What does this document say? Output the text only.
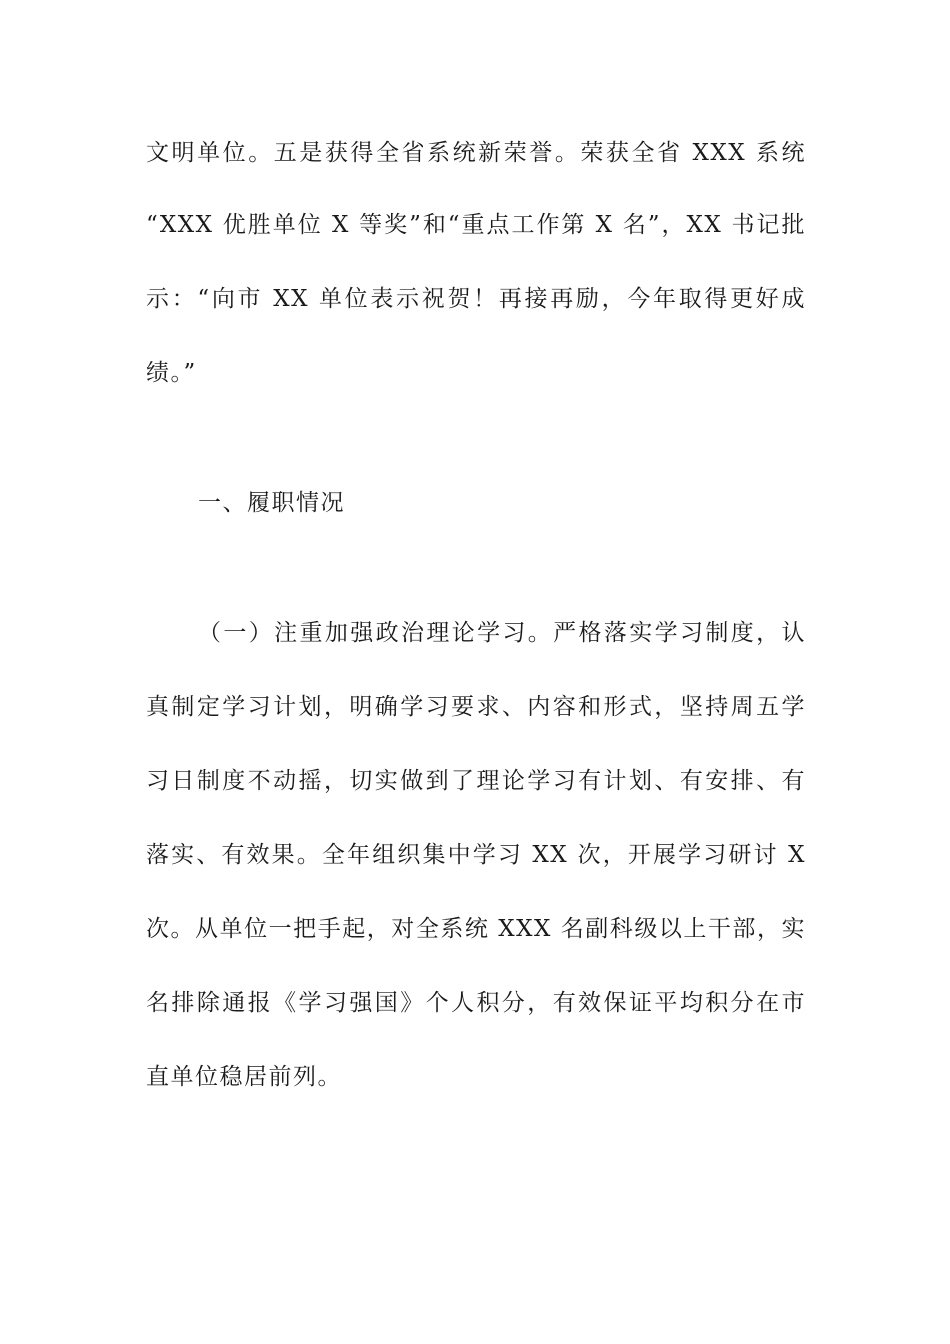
文明单位。五是获得全省系统新荣誉。荣获全省 XXX 系统
“XXX 优胜单位 X 等奖”和“重点工作第 X 名”，XX 书记批
示：“向市 XX 单位表示祝贺！再接再励，今年取得更好成
绩。”
一、履职情况
（一）注重加强政治理论学习。严格落实学习制度，认
真制定学习计划，明确学习要求、内容和形式，坚持周五学
习日制度不动摇，切实做到了理论学习有计划、有安排、有
落实、有效果。全年组织集中学习 XX 次，开展学习研讨 X
次。从单位一把手起，对全系统 XXX 名副科级以上干部，实
名排除通报《学习强国》个人积分，有效保证平均积分在市
直单位稳居前列。
